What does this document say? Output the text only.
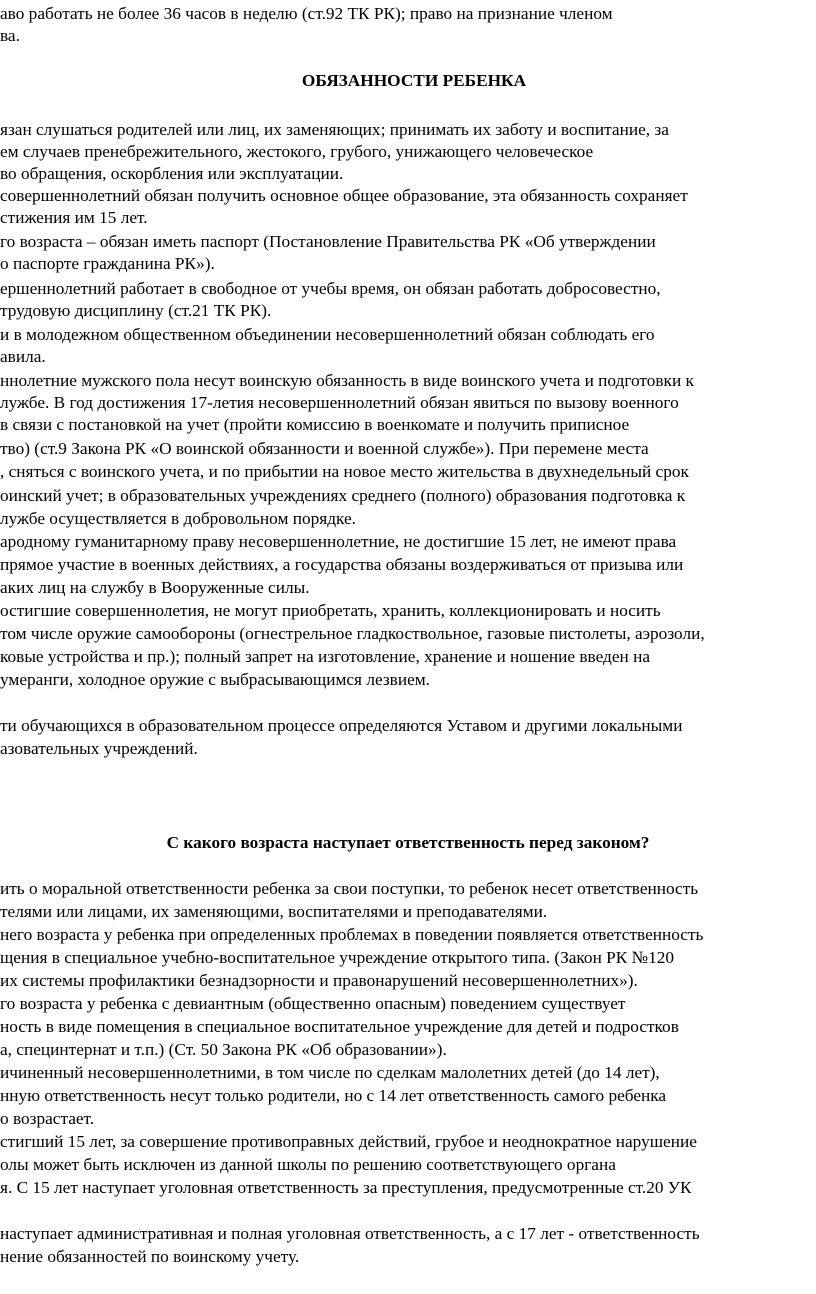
аво работать не более 36 часов в неделю (ст.92 ТК РК); право на признание членом
ва.
ОБЯЗАННОСТИ РЕБЕНКА
язан слушаться родителей или лиц, их заменяющих; принимать их заботу и воспитание, за
ем случаев пренебрежительного, жестокого, грубого, унижающего человеческое
во обращения, оскорбления или эксплуатации.
совершеннолетний обязан получить основное общее образование, эта обязанность сохраняет
стижения им 15 лет.
го возраста – обязан иметь паспорт (Постановление Правительства РК «Об утверждении
о паспорте гражданина РК»).
ершеннолетний работает в свободное от учебы время, он обязан работать добросовестно,
трудовую дисциплину (ст.21 ТК РК).
и в молодежном общественном объединении несовершеннолетний обязан соблюдать его
авила.
ннолетние мужского пола несут воинскую обязанность в виде воинского учета и подготовки к
лужбе. В год достижения 17-летия несовершеннолетний обязан явиться по вызову военного
в связи с постановкой на учет (пройти комиссию в военкомате и получить приписное
тво) (ст.9 Закона РК «О воинской обязанности и военной службе»). При перемене места
, сняться с воинского учета, и по прибытии на новое место жительства в двухнедельный срок
оинский учет; в образовательных учреждениях среднего (полного) образования подготовка к
лужбе осуществляется в добровольном порядке.
ародному гуманитарному праву несовершеннолетние, не достигшие 15 лет, не имеют права
прямое участие в военных действиях, а государства обязаны воздерживаться от призыва или
аких лиц на службу в Вооруженные силы.
остигшие совершеннолетия, не могут приобретать, хранить, коллекционировать и носить
том числе оружие самообороны (огнестрельное гладкоствольное, газовые пистолеты, аэрозоли,
ковые устройства и пр.); полный запрет на изготовление, хранение и ношение введен на
умеранги, холодное оружие с выбрасывающимся лезвием.
ти обучающихся в образовательном процессе определяются Уставом и другими локальными
азовательных учреждений.
С какого возраста наступает ответственность перед законом?
ить о моральной ответственности ребенка за свои поступки, то ребенок несет ответственность
телями или лицами, их заменяющими, воспитателями и преподавателями.
него возраста у ребенка при определенных проблемах в поведении появляется ответственность
щения в специальное учебно-воспитательное учреждение открытого типа. (Закон РК №120
их системы профилактики безнадзорности и правонарушений несовершеннолетних»).
го возраста у ребенка с девиантным (общественно опасным) поведением существует
ность в виде помещения в специальное воспитательное учреждение для детей и подростков
а, специнтернат и т.п.) (Ст. 50 Закона РК «Об образовании»).
ичиненный несовершеннолетними, в том числе по сделкам малолетних детей (до 14 лет),
нную ответственность несут только родители, но с 14 лет ответственность самого ребенка
о возрастает.
стигший 15 лет, за совершение противоправных действий, грубое и неоднократное нарушение
олы может быть исключен из данной школы по решению соответствующего органа
я. С 15 лет наступает уголовная ответственность за преступления, предусмотренные ст.20 УК
наступает административная и полная уголовная ответственность, а с 17 лет - ответственность
нение обязанностей по воинскому учету.
